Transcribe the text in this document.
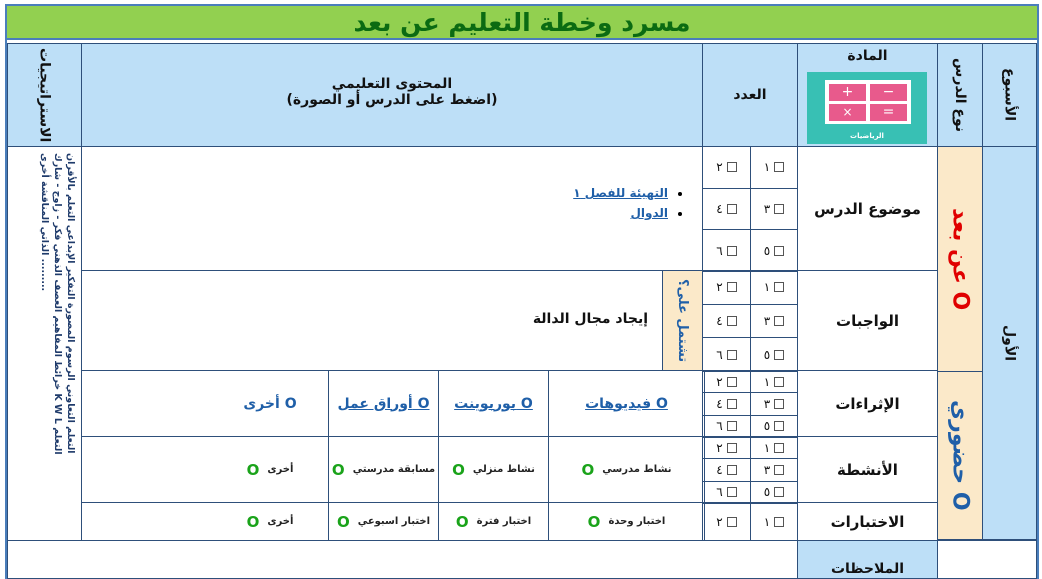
مسرد وخطة التعليم عن بعد
الأسبوع
نوع الدرس
المادة
+	−
×	=
الرياضيات
العدد
المحتوى التعليمي
(اضغط على الدرس أو الصورة)
الاستراتيجيات
الأول
عن بعد O
حضوري O
موضوع الدرس
الواجبات
الإثراءات
الأنشطة
الاختبارات
١
٢
٣
٤
٥
٦
١
٢
٣
٤
٥
٦
١
٢
٣
٤
٥
٦
١
٢
٣
٤
٥
٦
١
٢
• التهيئة للفصل ١
• الدوال
إيجاد مجال الدالة تشتمل على؟
فيديوهات O
بوربوينت O
أوراق عمل O
أخرى O
نشاط مدرسي
O
نشاط منزلي
O
مسابقة مدرستي
O
أخرى
O
اختبار وحدة
O
اختبار فترة
O
اختبار اسبوعي
O
أخرى
O
التعلم التعاوني الرسوم المصورة التفكير الإبداعي التعلم بالأقران خرائط المفاهيم العصف الذهني فكر - زاوج - شارك K W L التعلم الذاتي المناقشة أخرى .........
الملاحظات
